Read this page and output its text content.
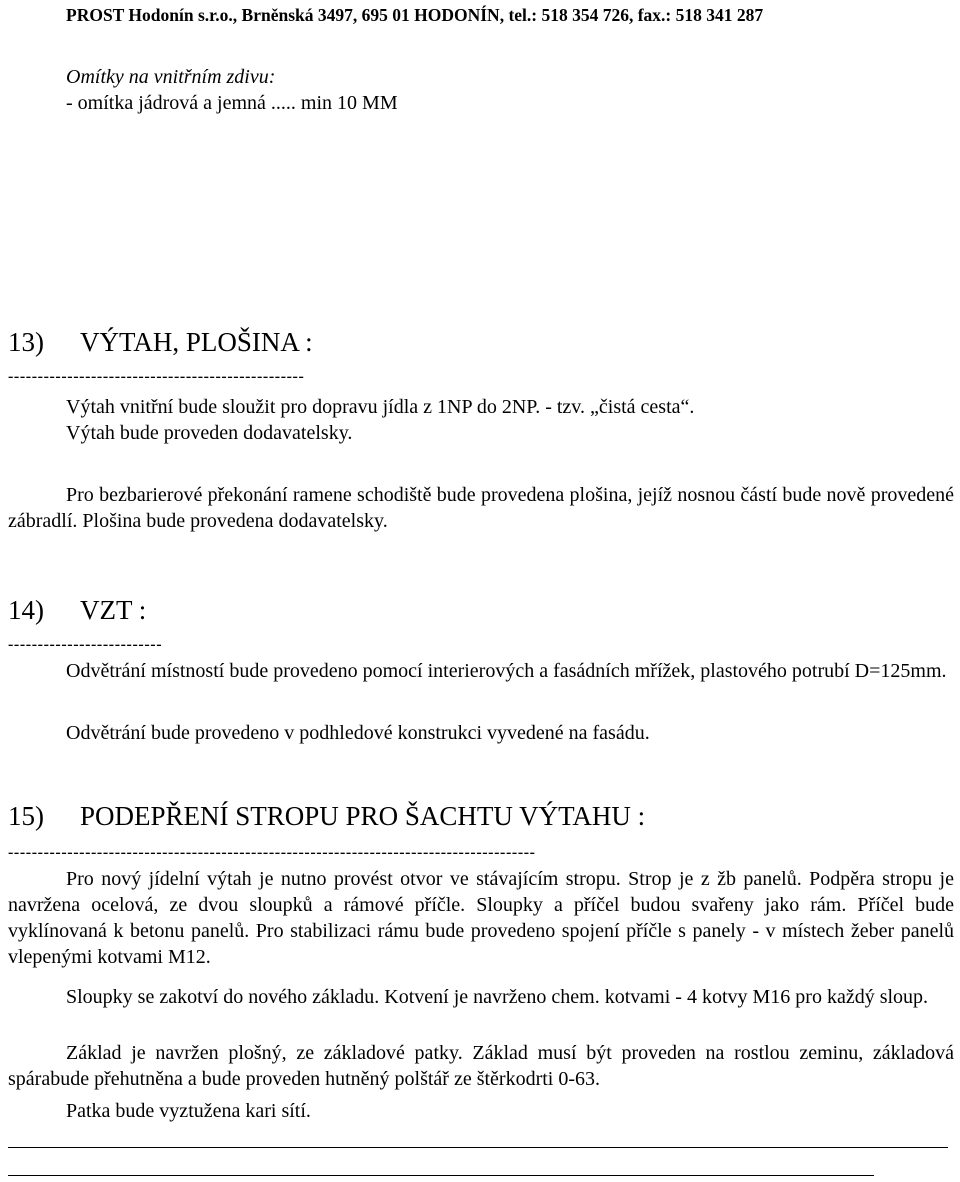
PROST Hodonín s.r.o., Brněnská 3497, 695 01 HODONÍN, tel.: 518 354 726, fax.: 518 341 287
Omítky na vnitřním zdivu:
- omítka jádrová a jemná ..... min 10 MM
13) VÝTAH, PLOŠINA :
--------------------------------------------------
Výtah vnitřní bude sloužit pro dopravu jídla z 1NP do 2NP. - tzv. „čistá cesta“.
Výtah bude proveden dodavatelsky.
Pro bezbarierové překonání ramene schodiště bude provedena plošina, jejíž nosnou částí bude nově provedené zábradlí. Plošina bude provedena dodavatelsky.
14) VZT :
--------------------------
Odvětrání místností bude provedeno pomocí interierových a fasádních mřížek, plastového potrubí D=125mm.
Odvětrání bude provedeno v podhledové konstrukci vyvedené na fasádu.
15) PODEPŘENÍ STROPU PRO ŠACHTU VÝTAHU :
-----------------------------------------------------------------------------------------
Pro nový jídelní výtah je nutno provést otvor ve stávajícím stropu. Strop je z žb panelů. Podpěra stropu je navržena ocelová, ze dvou sloupků a rámové příčle. Sloupky a příčel budou svařeny jako rám. Příčel bude vyklínovaná k betonu panelů. Pro stabilizaci rámu bude provedeno spojení příčle s panely - v místech žeber panelů vlepenými kotvami M12.
Sloupky se zakotví do nového základu. Kotvení je navrženo chem. kotvami - 4 kotvy M16 pro každý sloup.
Základ je navržen plošný, ze základové patky. Základ musí být proveden na rostlou zeminu, základová spárabude přehutněna a bude proveden hutněný polštář ze štěrkodrti 0-63.
Patka bude vyztužena kari sítí.
